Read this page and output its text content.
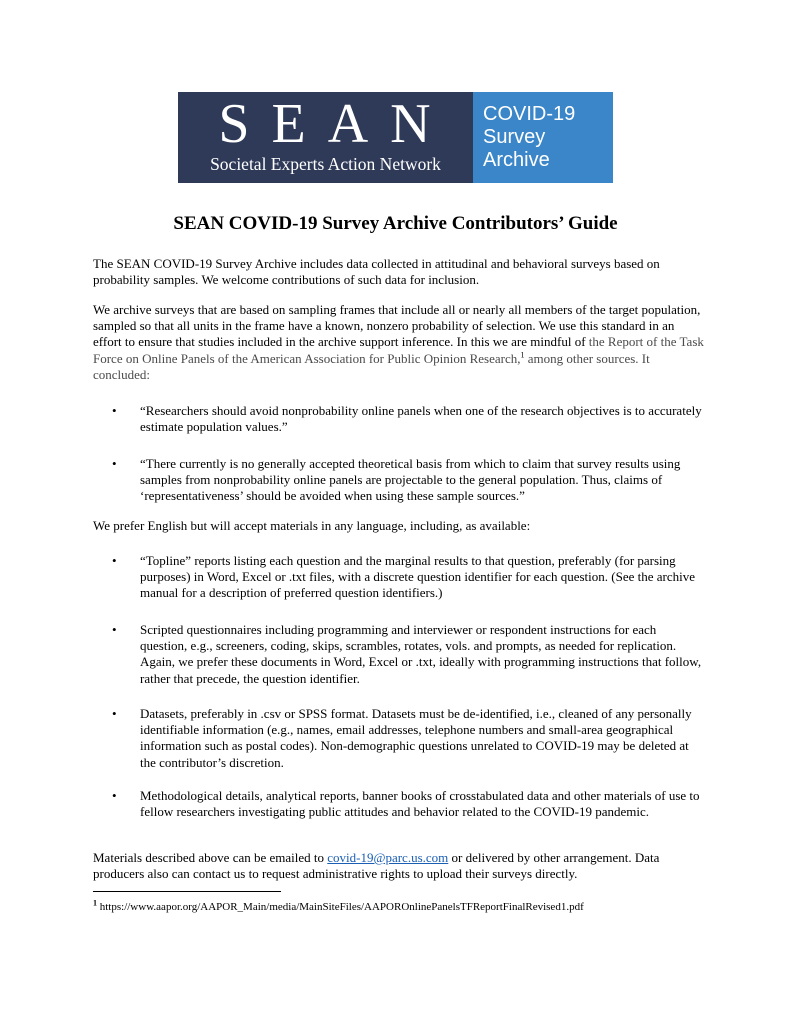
SEAN
Societal Experts Action Network
COVID-19
Survey
Archive
SEAN COVID-19 Survey Archive Contributors’ Guide

The SEAN COVID-19 Survey Archive includes data collected in attitudinal and behavioral surveys based on probability samples. We welcome contributions of such data for inclusion.

We archive surveys that are based on sampling frames that include all or nearly all members of the target population, sampled so that all units in the frame have a known, nonzero probability of selection. We use this standard in an effort to ensure that studies included in the archive support inference. In this we are mindful of the Report of the Task Force on Online Panels of the American Association for Public Opinion Research,$^1$ among other sources. It concluded:

• “Researchers should avoid nonprobability online panels when one of the research objectives is to accurately estimate population values.”
• “There currently is no generally accepted theoretical basis from which to claim that survey results using samples from nonprobability online panels are projectable to the general population. Thus, claims of ‘representativeness’ should be avoided when using these sample sources.”

We prefer English but will accept materials in any language, including, as available:

• “Topline” reports listing each question and the marginal results to that question, preferably (for parsing purposes) in Word, Excel or .txt files, with a discrete question identifier for each question. (See the archive manual for a description of preferred question identifiers.)
• Scripted questionnaires including programming and interviewer or respondent instructions for each question, e.g., screeners, coding, skips, scrambles, rotates, vols. and prompts, as needed for replication. Again, we prefer these documents in Word, Excel or .txt, ideally with programming instructions that follow, rather that precede, the question identifier.
• Datasets, preferably in .csv or SPSS format. Datasets must be de-identified, i.e., cleaned of any personally identifiable information (e.g., names, email addresses, telephone numbers and small-area geographical information such as postal codes). Non-demographic questions unrelated to COVID-19 may be deleted at the contributor’s discretion.
• Methodological details, analytical reports, banner books of crosstabulated data and other materials of use to fellow researchers investigating public attitudes and behavior related to the COVID-19 pandemic.

Materials described above can be emailed to covid-19@parc.us.com or delivered by other arrangement. Data producers also can contact us to request administrative rights to upload their surveys directly.

$^1$ https://www.aapor.org/AAPOR_Main/media/MainSiteFiles/AAPOROnlinePanelsTFReportFinalRevised1.pdf
